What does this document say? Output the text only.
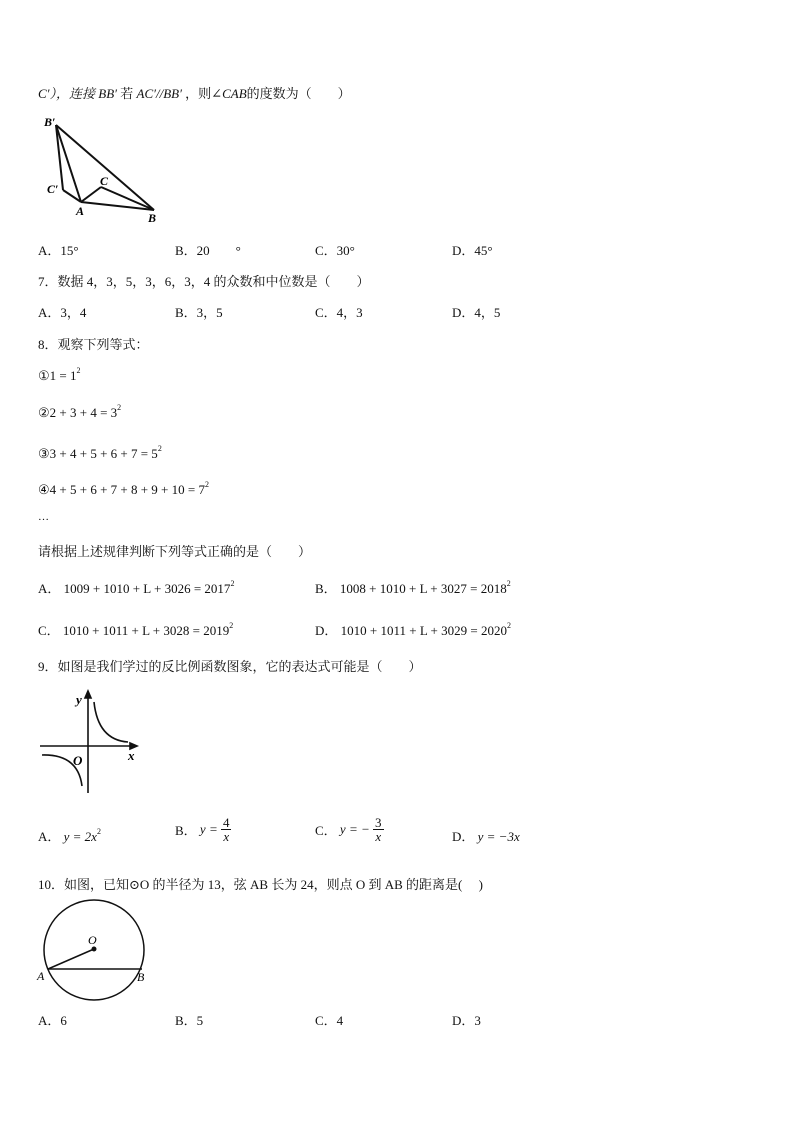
C′），连接 BB′ 若 AC′//BB′ ，则∠CAB的度数为（　　）
B′
C′
C
A	B
A．15°	B．20　　°	C．30°	D．45°
7．数据 4，3，5，3，6，3，4 的众数和中位数是（　　）
A．3，4	B．3，5	C．4，3	D．4，5
8．观察下列等式：
①1 = $1^2$
②2 + $3 + 4 = 3^2$
③3 + $4 + 5 + 6 + 7 = 5^2$
④4 + $5 + 6 + 7 + 8 + 9 + 10 = 7^2$
…
请根据上述规律判断下列等式正确的是（　　）
A． $1009 + 1010 + L + 3026 = 2017^2$	B． $1008 + 1010 + L + 3027 = 2018^2$
C． $1010 + 1011 + L + 3028 = 2019^2$	D． $1010 + 1011 + L + 3029 = 2020^2$
9．如图是我们学过的反比例函数图象，它的表达式可能是（　　）
y
x
O
A． $y = 2x^2$	B． $y = \frac{4}{x}$	C． y = − $\frac{3}{x}$	D． y = −3x
10．如图，已知⊙O 的半径为 13，弦 AB 长为 24，则点 O 到 AB 的距离是(　 )
O
A	B
A．6	B．5	C．4	D．3
